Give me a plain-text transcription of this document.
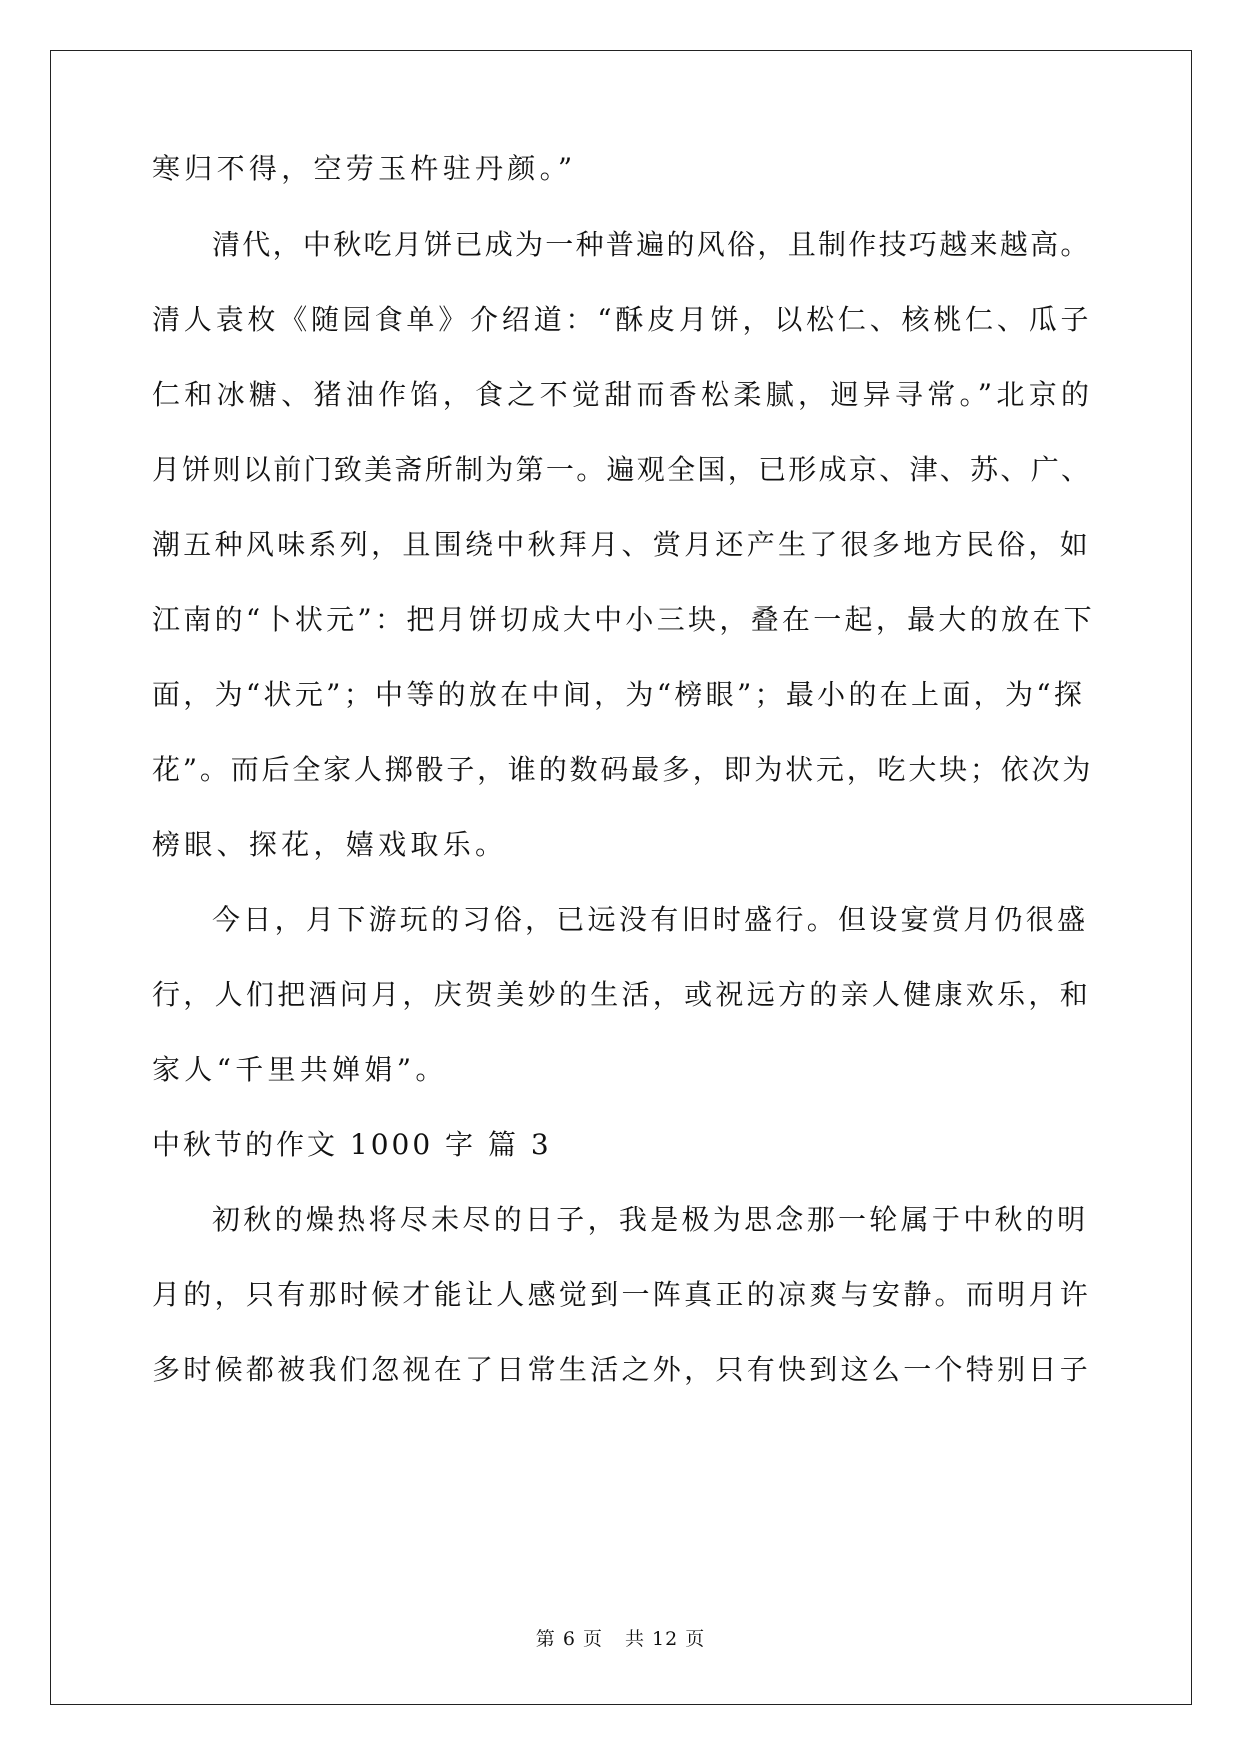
寒归不得，空劳玉杵驻丹颜。”
清代，中秋吃月饼已成为一种普遍的风俗，且制作技巧越来越高。
清人袁枚《随园食单》介绍道：“酥皮月饼，以松仁、核桃仁、瓜子
仁和冰糖、猪油作馅，食之不觉甜而香松柔腻，迥异寻常。”北京的
月饼则以前门致美斋所制为第一。遍观全国，已形成京、津、苏、广、
潮五种风味系列，且围绕中秋拜月、赏月还产生了很多地方民俗，如
江南的“卜状元”：把月饼切成大中小三块，叠在一起，最大的放在下
面，为“状元”；中等的放在中间，为“榜眼”；最小的在上面，为“探
花”。而后全家人掷骰子，谁的数码最多，即为状元，吃大块；依次为
榜眼、探花，嬉戏取乐。
今日，月下游玩的习俗，已远没有旧时盛行。但设宴赏月仍很盛
行，人们把酒问月，庆贺美妙的生活，或祝远方的亲人健康欢乐，和
家人“千里共婵娟”。
中秋节的作文 1000 字 篇 3
初秋的燥热将尽未尽的日子，我是极为思念那一轮属于中秋的明
月的，只有那时候才能让人感觉到一阵真正的凉爽与安静。而明月许
多时候都被我们忽视在了日常生活之外，只有快到这么一个特别日子
第 6 页 共 12 页
